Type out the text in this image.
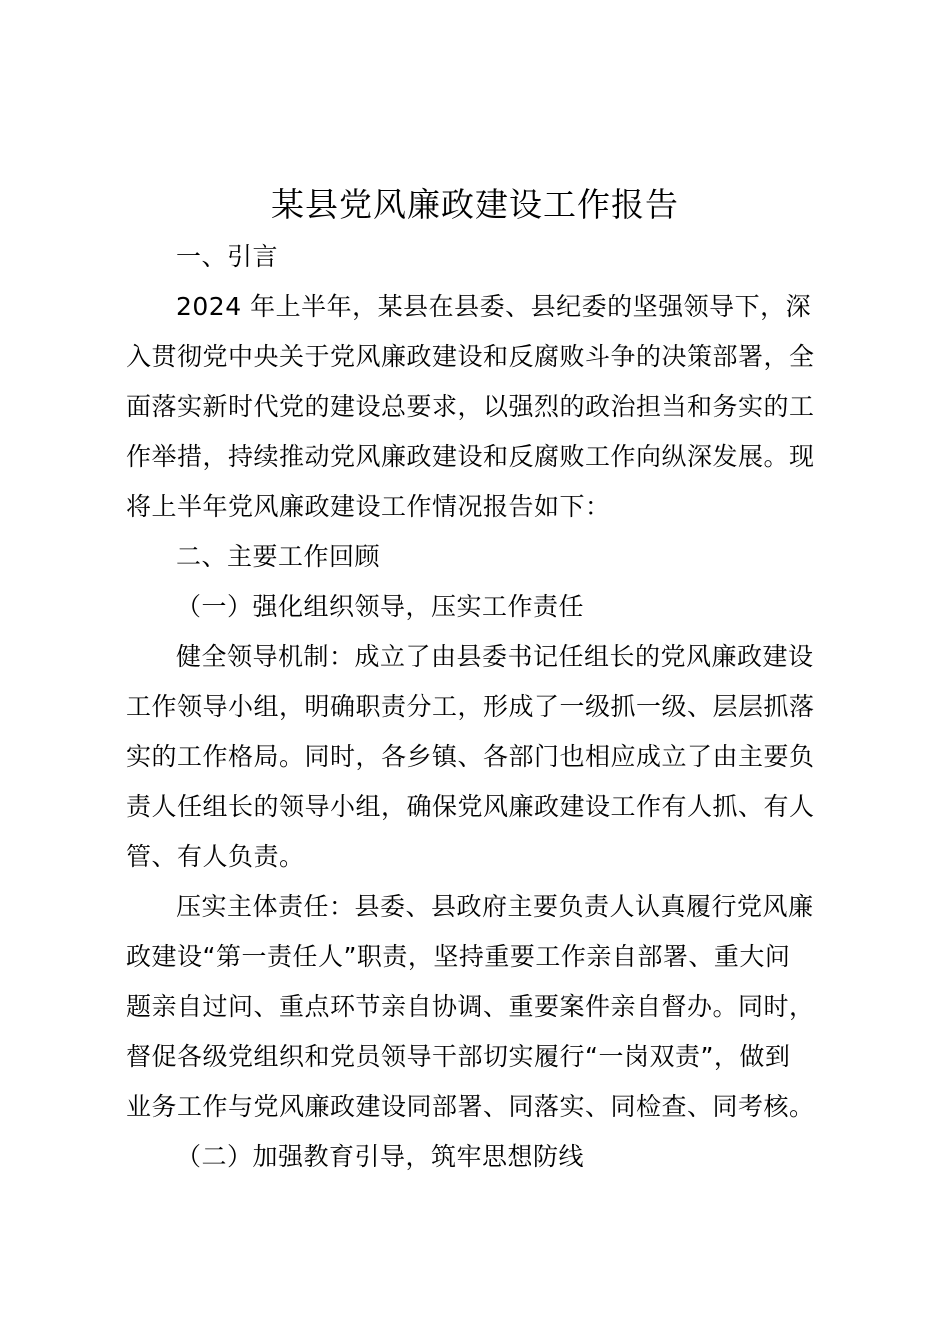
某县党风廉政建设工作报告

一、引言

2024 年上半年，某县在县委、县纪委的坚强领导下，深

入贯彻党中央关于党风廉政建设和反腐败斗争的决策部署，全

面落实新时代党的建设总要求，以强烈的政治担当和务实的工

作举措，持续推动党风廉政建设和反腐败工作向纵深发展。现

将上半年党风廉政建设工作情况报告如下：

二、主要工作回顾

（一）强化组织领导，压实工作责任

健全领导机制：成立了由县委书记任组长的党风廉政建设

工作领导小组，明确职责分工，形成了一级抓一级、层层抓落

实的工作格局。同时，各乡镇、各部门也相应成立了由主要负

责人任组长的领导小组，确保党风廉政建设工作有人抓、有人

管、有人负责。

压实主体责任：县委、县政府主要负责人认真履行党风廉

政建设“第一责任人”职责，坚持重要工作亲自部署、重大问

题亲自过问、重点环节亲自协调、重要案件亲自督办。同时，

督促各级党组织和党员领导干部切实履行“一岗双责”，做到

业务工作与党风廉政建设同部署、同落实、同检查、同考核。

（二）加强教育引导，筑牢思想防线
